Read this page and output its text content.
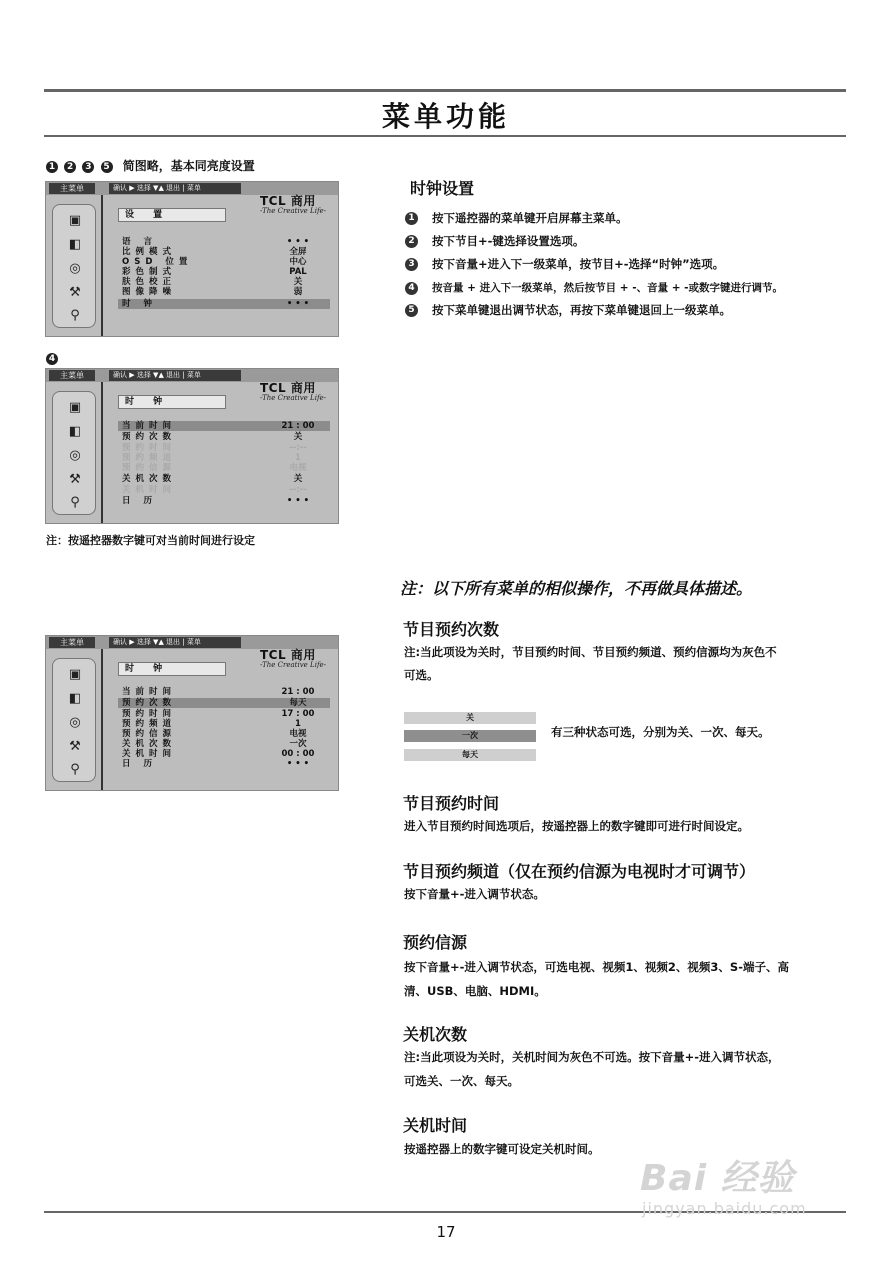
菜单功能
1 2 3 5 简图略，基本同亮度设置
主菜单	确认 ▶ 选择 ▼▲ 退出 | 菜单
▣
◧
◎
⚒
⚲
TCL 商用
-The Creative Life-
设 置
语 言	• • •
比例模式	全屏
OSD 位置	中心
彩色制式	PAL
肤色校正	关
图像降噪	弱
时 钟	• • •
4
主菜单	确认 ▶ 选择 ▼▲ 退出 | 菜单
▣
◧
◎
⚒
⚲
TCL 商用
-The Creative Life-
时 钟
当前时间	21 : 00
预约次数	关
预约时间	--:--
预约频道	1
预约信源	电视
关机次数	关
关机时间	--:--
日 历	• • •
注：按遥控器数字键可对当前时间进行设定
主菜单	确认 ▶ 选择 ▼▲ 退出 | 菜单
▣
◧
◎
⚒
⚲
TCL 商用
-The Creative Life-
时 钟
当前时间	21 : 00
预约次数	每天
预约时间	17 : 00
预约频道	1
预约信源	电视
关机次数	一次
关机时间	00 : 00
日 历	• • •
时钟设置
1 按下遥控器的菜单键开启屏幕主菜单。
2 按下节目+-键选择设置选项。
3 按下音量+进入下一级菜单，按节目+-选择“时钟”选项。
4 按音量 + 进入下一级菜单，然后按节目 + -、音量 + -或数字键进行调节。
5 按下菜单键退出调节状态，再按下菜单键退回上一级菜单。
注：以下所有菜单的相似操作，不再做具体描述。
节目预约次数
注:当此项设为关时，节目预约时间、节目预约频道、预约信源均为灰色不
可选。
关
一次
每天
有三种状态可选，分别为关、一次、每天。
节目预约时间
进入节目预约时间选项后，按遥控器上的数字键即可进行时间设定。
节目预约频道（仅在预约信源为电视时才可调节）
按下音量+-进入调节状态。
预约信源
按下音量+-进入调节状态，可选电视、视频1、视频2、视频3、S-端子、高
清、USB、电脑、HDMI。
关机次数
注:当此项设为关时，关机时间为灰色不可选。按下音量+-进入调节状态，
可选关、一次、每天。
关机时间
按遥控器上的数字键可设定关机时间。
17
Bai 经验
jingyan.baidu.com
